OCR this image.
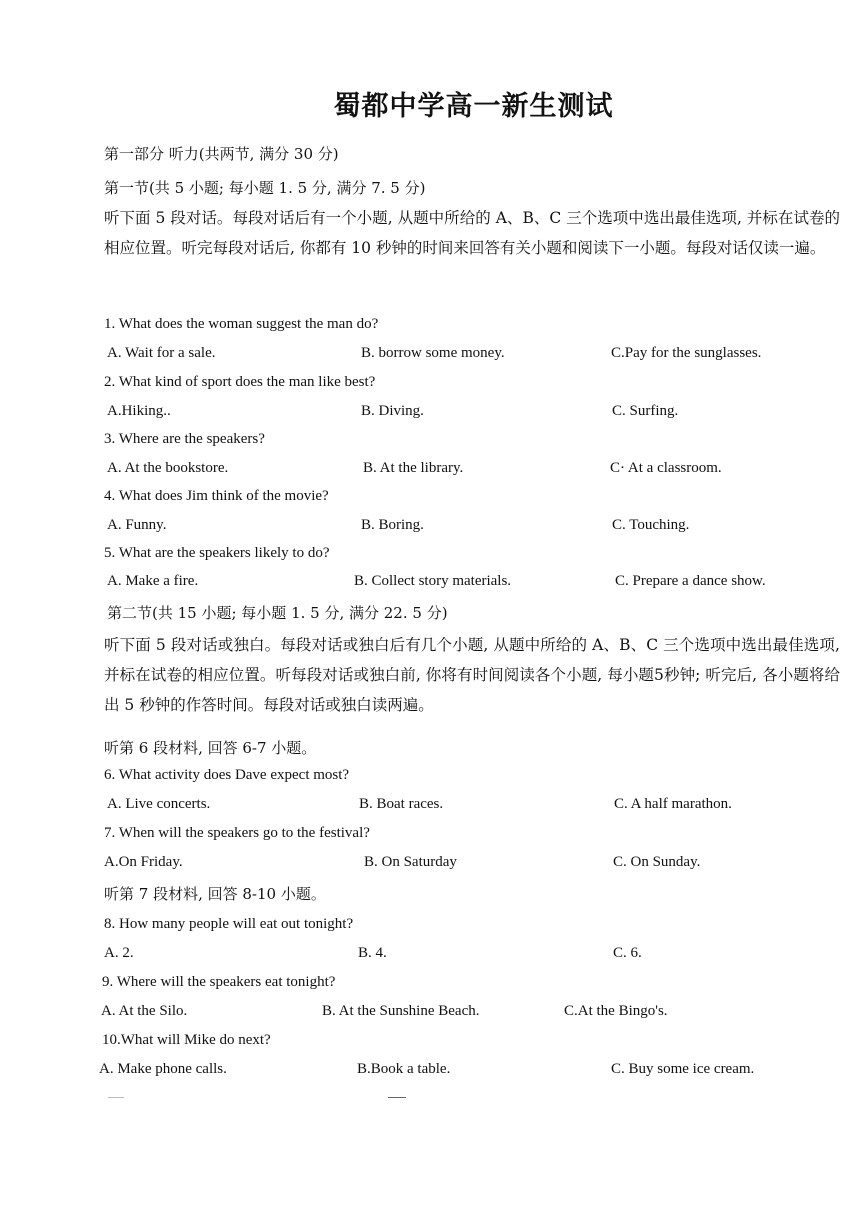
蜀都中学高一新生测试
第一部分 听力(共两节, 满分 30 分)
第一节(共 5 小题; 每小题 1. 5 分, 满分 7. 5 分)
听下面 5 段对话。每段对话后有一个小题, 从题中所给的 A、B、C 三个选项中选出最佳选项, 并标在试卷的相应位置。听完每段对话后, 你都有 10 秒钟的时间来回答有关小题和阅读下一小题。每段对话仅读一遍。
1. What does the woman suggest the man do?
A. Wait for a sale.	B. borrow some money.	C.Pay for the sunglasses.
2. What kind of sport does the man like best?
A.Hiking..	B. Diving.	C. Surfing.
3. Where are the speakers?
A. At the bookstore.	B. At the library.	C· At a classroom.
4. What does Jim think of the movie?
A. Funny.	B. Boring.	C. Touching.
5. What are the speakers likely to do?
A. Make a fire.	B. Collect story materials.	C. Prepare a dance show.
第二节(共 15 小题; 每小题 1. 5 分, 满分 22. 5 分)
听下面 5 段对话或独白。每段对话或独白后有几个小题, 从题中所给的 A、B、C 三个选项中选出最佳选项, 并标在试卷的相应位置。听每段对话或独白前, 你将有时间阅读各个小题, 每小题5秒钟; 听完后, 各小题将给出 5 秒钟的作答时间。每段对话或独白读两遍。
听第 6 段材料, 回答 6-7 小题。
6. What activity does Dave expect most?
A. Live concerts.	B. Boat races.	C. A half marathon.
7. When will the speakers go to the festival?
A.On Friday.	B. On Saturday	C. On Sunday.
听第 7 段材料, 回答 8-10 小题。
8. How many people will eat out tonight?
A. 2.	B. 4.	C. 6.
9. Where will the speakers eat tonight?
A. At the Silo.	B. At the Sunshine Beach.	C.At the Bingo's.
10.What will Mike do next?
A. Make phone calls.	B.Book a table.	C. Buy some ice cream.
